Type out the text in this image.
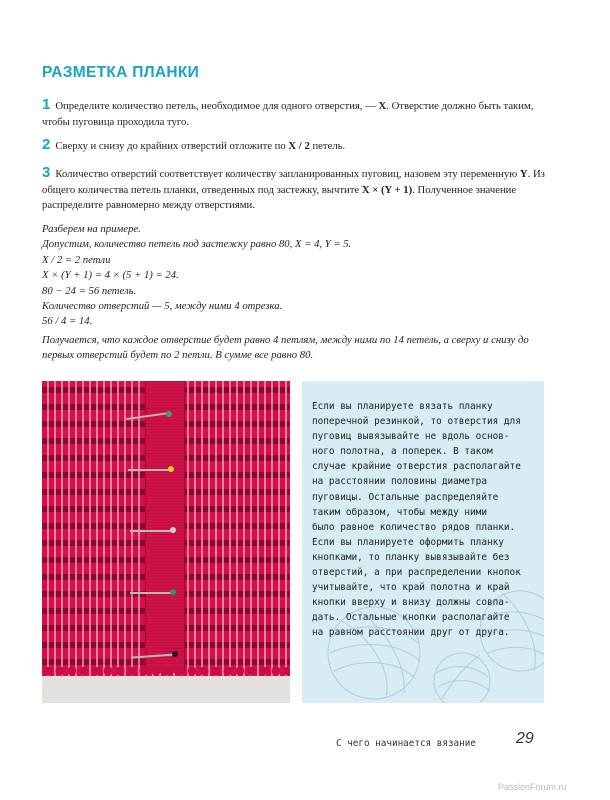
РАЗМЕТКА ПЛАНКИ
1 Определите количество петель, необходимое для одного отверстия, — X. Отверстие должно быть таким, чтобы пуговица проходила туго.
2 Сверху и снизу до крайних отверстий отложите по X / 2 петель.
3 Количество отверстий соответствует количеству запланированных пуговиц, назовем эту переменную Y. Из общего количества петель планки, отведенных под застежку, вычтите X × (Y + 1). Полученное значение распределите равномерно между отверстиями.
Разберем на примере.
Допустим, количество петель под застежку равно 80, X = 4, Y = 5.
X / 2 = 2 петли
X × (Y + 1) = 4 × (5 + 1) = 24.
80 − 24 = 56 петель.
Количество отверстий — 5, между ними 4 отрезка.
56 / 4 = 14.
Получается, что каждое отверстие будет равно 4 петлям, между ними по 14 петель, а сверху и снизу до первых отверстий будет по 2 петли. В сумме все равно 80.
Если вы планируете вязать планку
поперечной резинкой, то отверстия для
пуговиц вывязывайте не вдоль основ-
ного полотна, а поперек. В таком
случае крайние отверстия располагайте
на расстоянии половины диаметра
пуговицы. Остальные распределяйте
таким образом, чтобы между ними
было равное количество рядов планки.
Если вы планируете оформить планку
кнопками, то планку вывязывайте без
отверстий, а при распределении кнопок
учитывайте, что край полотна и край
кнопки вверху и внизу должны совпа-
дать. Остальные кнопки располагайте
на равном расстоянии друг от друга.
С чего начинается вязание	29
PassionForum.ru
